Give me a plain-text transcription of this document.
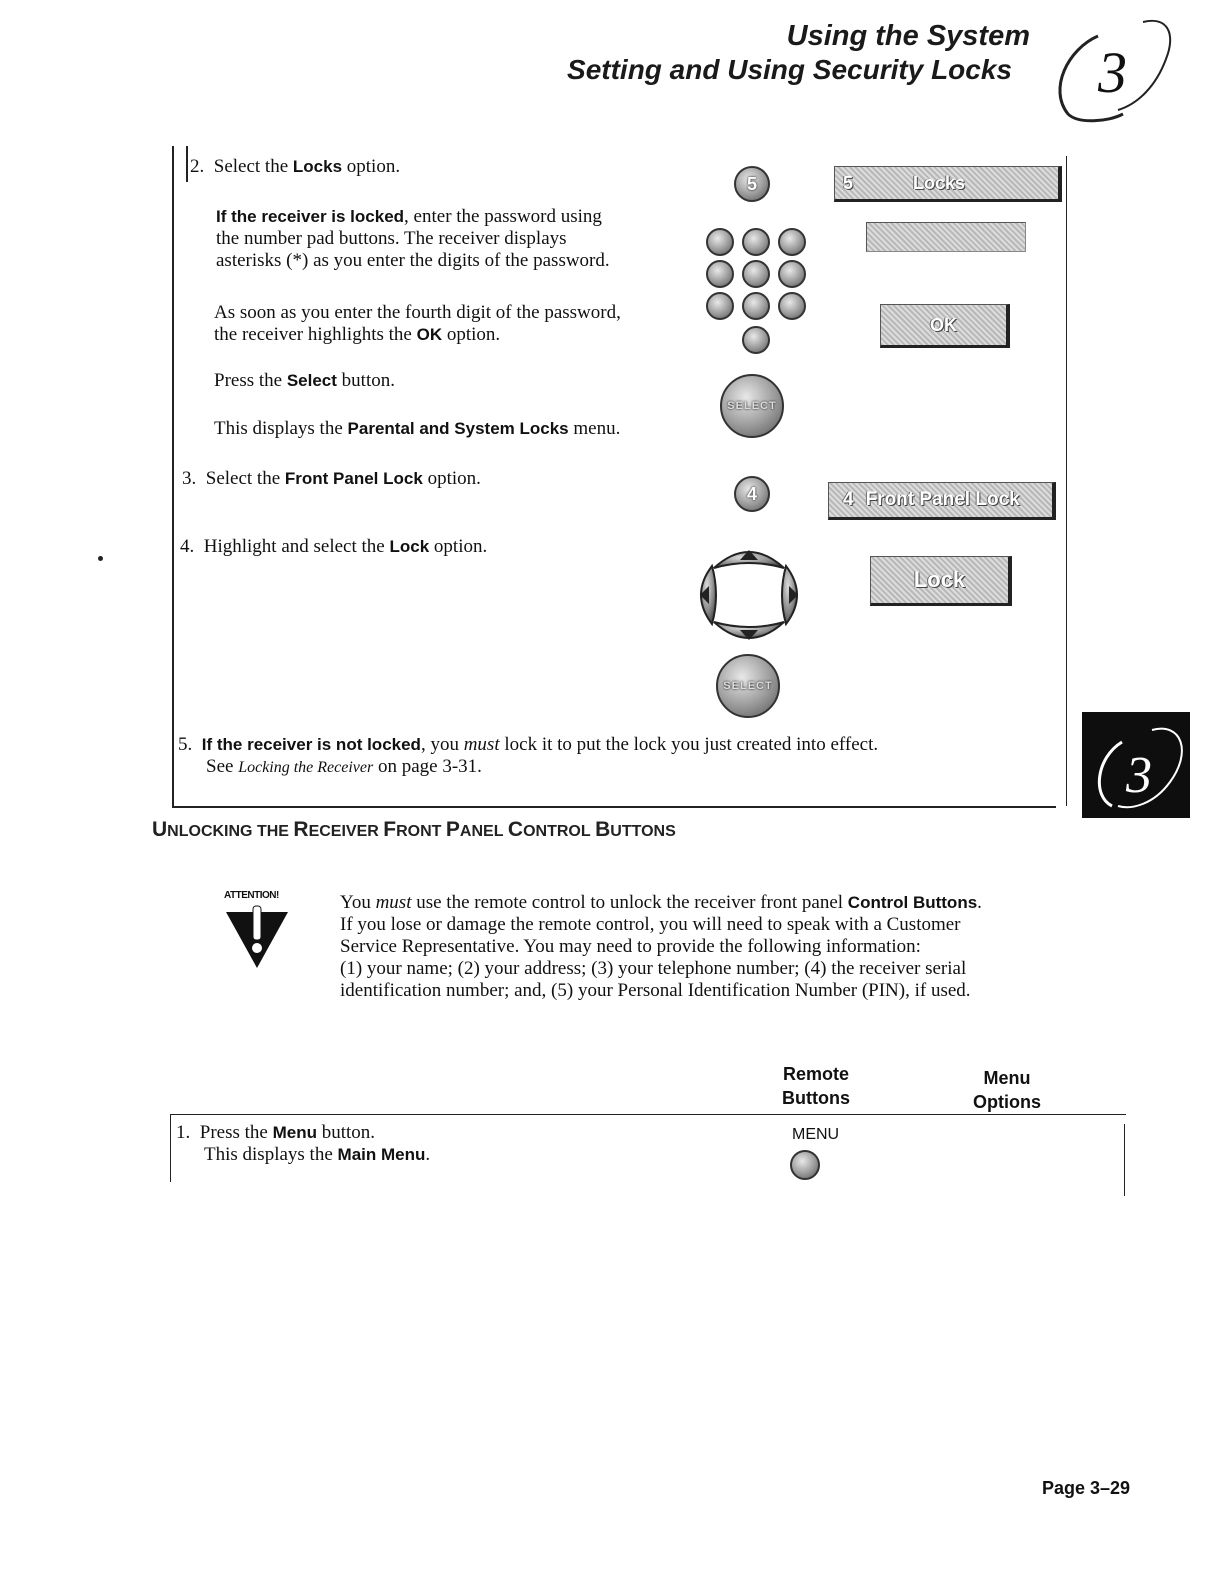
Using the System
Setting and Using Security Locks 3
2. Select the Locks option.
If the receiver is locked, enter the password using
the number pad buttons. The receiver displays
asterisks (*) as you enter the digits of the password.
As soon as you enter the fourth digit of the password,
the receiver highlights the OK option.
Press the Select button.
This displays the Parental and System Locks menu.
3. Select the Front Panel Lock option.
4. Highlight and select the Lock option.
5. If the receiver is not locked, you must lock it to put the lock you just created into effect.
See Locking the Receiver on page 3-31.
5
SELECT
4
SELECT
5	Locks
OK
4 Front Panel Lock
Lock
3
UNLOCKING THE RECEIVER FRONT PANEL CONTROL BUTTONS
ATTENTION!	You must use the remote control to unlock the receiver front panel Control Buttons.
If you lose or damage the remote control, you will need to speak with a Customer
Service Representative. You may need to provide the following information:
(1) your name; (2) your address; (3) your telephone number; (4) the receiver serial
identification number; and, (5) your Personal Identification Number (PIN), if used.
Remote
Buttons
Menu
Options
1. Press the Menu button.
This displays the Main Menu.
MENU
Page 3–29
